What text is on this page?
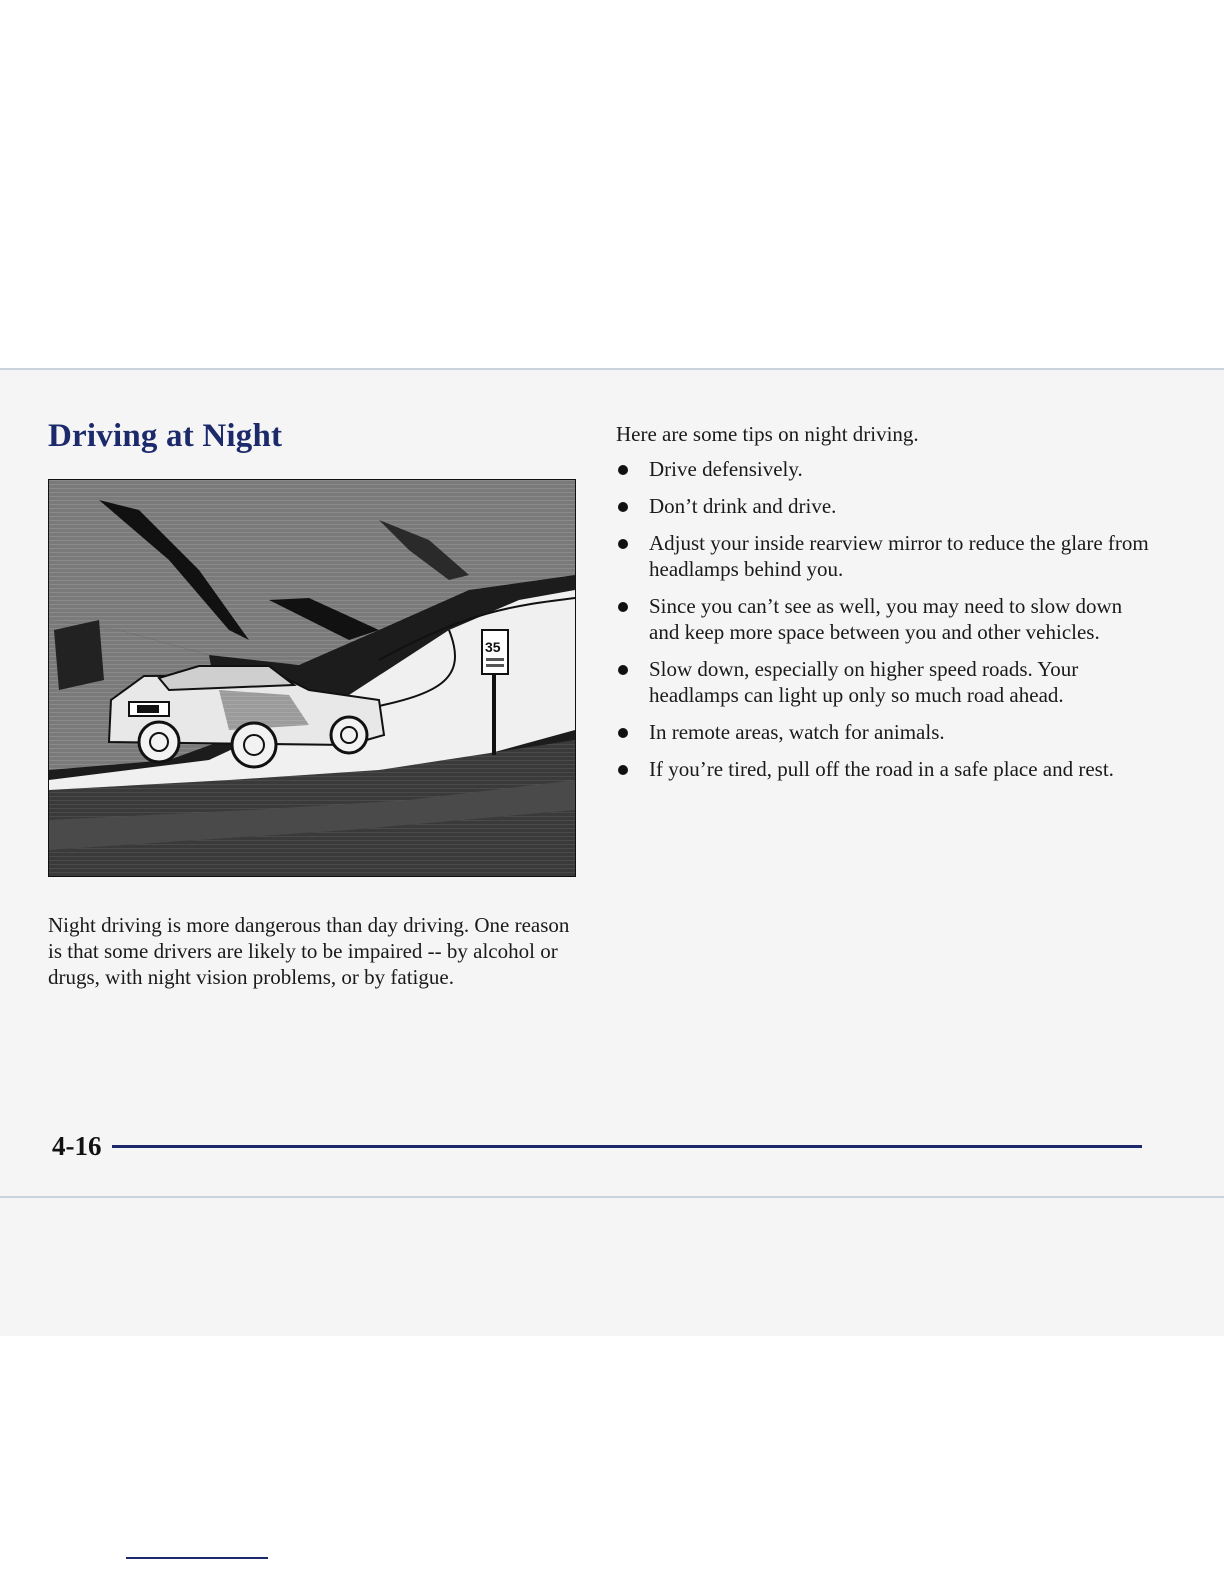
Driving at Night
35

Night driving is more dangerous than day driving. One reason is that some drivers are likely to be impaired -- by alcohol or drugs, with night vision problems, or by fatigue.

Here are some tips on night driving.

Drive defensively.
Don’t drink and drive.
Adjust your inside rearview mirror to reduce the glare from headlamps behind you.
Since you can’t see as well, you may need to slow down and keep more space between you and other vehicles.
Slow down, especially on higher speed roads. Your headlamps can light up only so much road ahead.
In remote areas, watch for animals.
If you’re tired, pull off the road in a safe place and rest.

4-16
